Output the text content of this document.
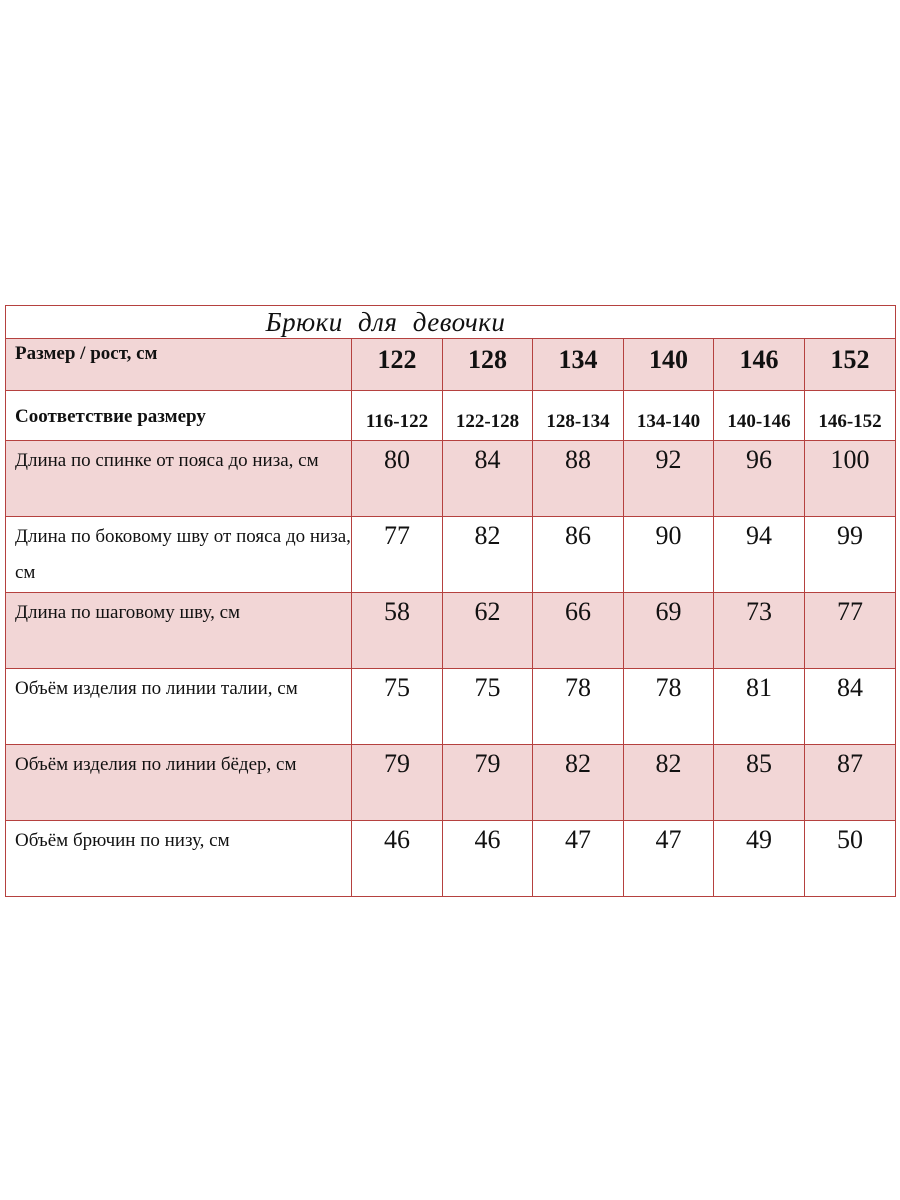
Брюки для девочки						
Размер / рост, см	122	128	134	140	146	152
Соответствие размеру	116-122	122-128	128-134	134-140	140-146	146-152
Длина по спинке от пояса до низа, см	80	84	88	92	96	100
Длина по боковому шву от пояса до низа, см	77	82	86	90	94	99
Длина по шаговому шву, см	58	62	66	69	73	77
Объём изделия по линии талии, см	75	75	78	78	81	84
Объём изделия по линии бёдер, см	79	79	82	82	85	87
Объём брючин по низу, см	46	46	47	47	49	50
